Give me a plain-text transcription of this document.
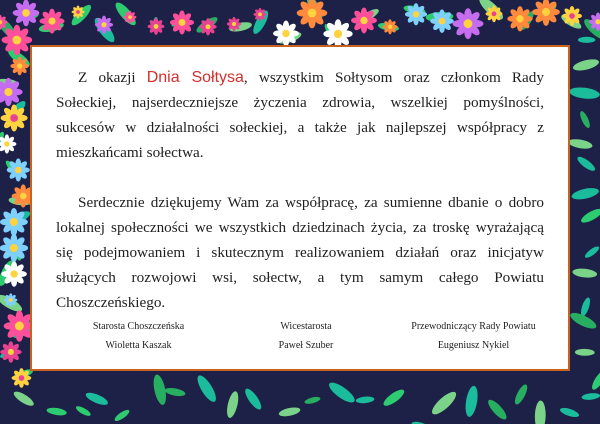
Z okazji Dnia Sołtysa, wszystkim Sołtysom oraz członkom Rady Sołeckiej, najserdeczniejsze życzenia zdrowia, wszelkiej pomyślności, sukcesów w działalności sołeckiej, a także jak najlepszej współpracy z mieszkańcami sołectwa.

Serdecznie dziękujemy Wam za współpracę, za sumienne dbanie o dobro lokalnej społeczności we wszystkich dziedzinach życia, za troskę wyrażającą się podejmowaniem i skutecznym realizowaniem działań oraz inicjatyw służących rozwojowi wsi, sołectw, a tym samym całego Powiatu Choszczeńskiego.

Starosta Choszczeńska
Wioletta Kaszak
Wicestarosta
Paweł Szuber
Przewodniczący Rady Powiatu
Eugeniusz Nykiel
